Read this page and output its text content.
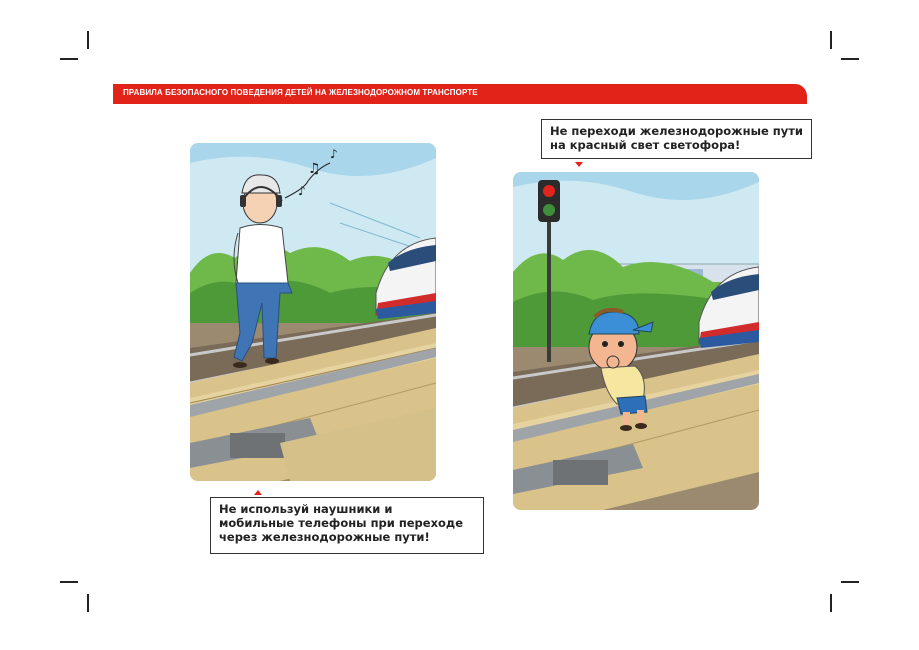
ПРАВИЛА БЕЗОПАСНОГО ПОВЕДЕНИЯ ДЕТЕЙ НА ЖЕЛЕЗНОДОРОЖНОМ ТРАНСПОРТЕ
♫
♪
♪
Не используй наушники и
мобильные телефоны при переходе
через железнодорожные пути!
Не переходи железнодорожные пути
на красный свет светофора!
